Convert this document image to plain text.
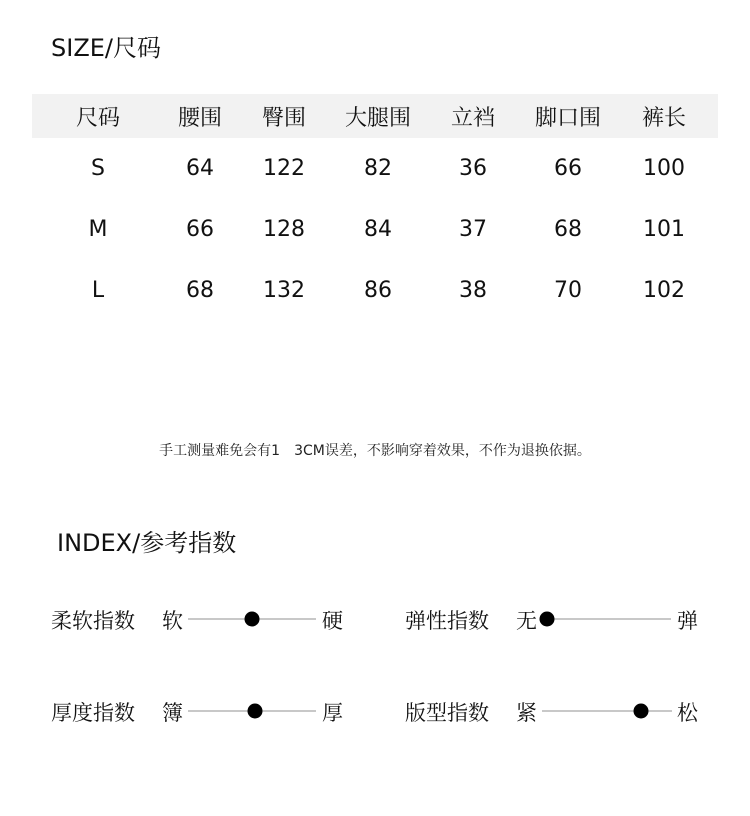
SIZE/尺码
尺码	腰围 臀围 大腿围 立裆 脚口围 裤长
S	64 122	82	36	66	100
M	66 128	84	37	68	101
L	68 132	86	38	70	102
手工测量难免会有1　3CM误差，不影响穿着效果，不作为退换依据。
INDEX/参考指数
柔软指数 软	硬	弹性指数 无	弹
厚度指数 簿	厚	版型指数 紧	松
